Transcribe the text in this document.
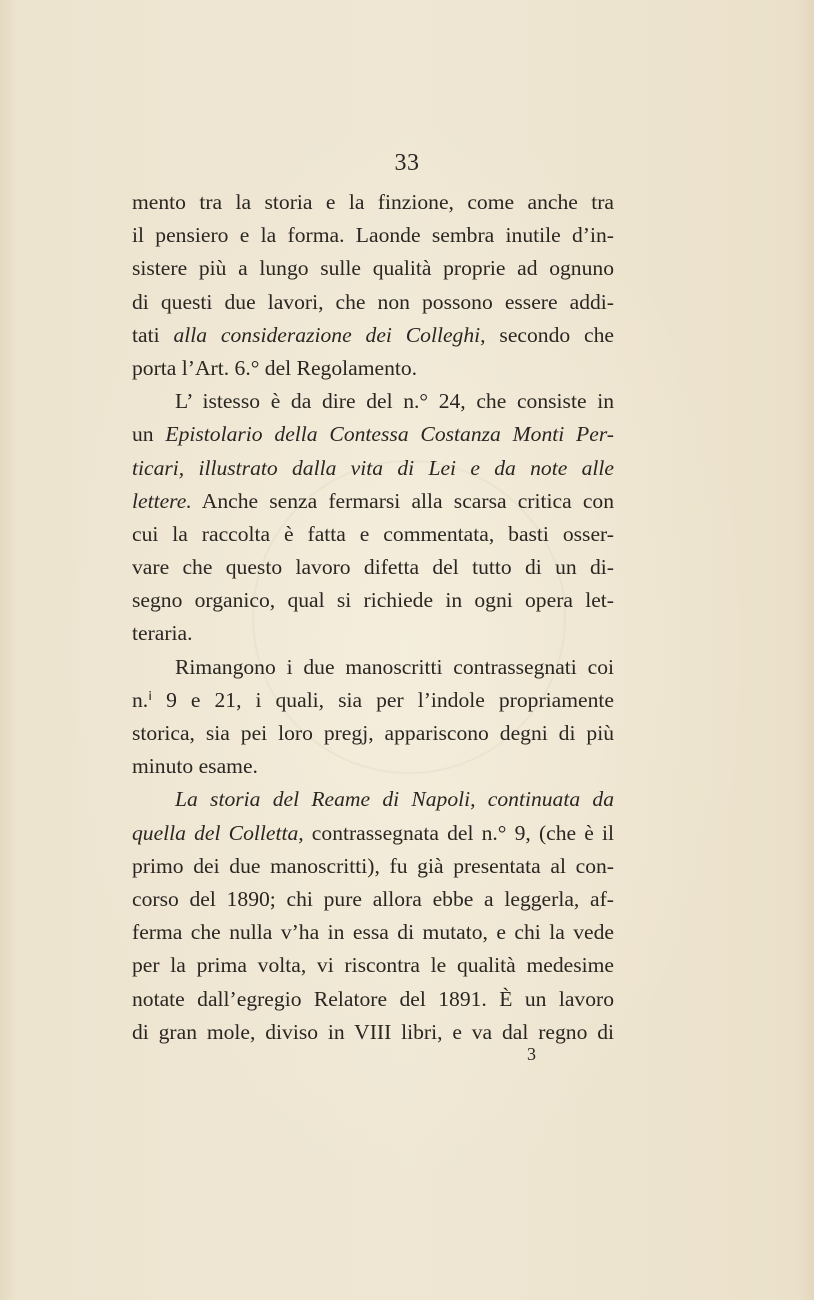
33
mento tra la storia e la finzione, come anche tra
il pensiero e la forma. Laonde sembra inutile d’in-
sistere più a lungo sulle qualità proprie ad ognuno
di questi due lavori, che non possono essere addi-
tati alla considerazione dei Colleghi, secondo che
porta l’Art. 6.° del Regolamento.
L’ istesso è da dire del n.° 24, che consiste in
un Epistolario della Contessa Costanza Monti Per-
ticari, illustrato dalla vita di Lei e da note alle
lettere. Anche senza fermarsi alla scarsa critica con
cui la raccolta è fatta e commentata, basti osser-
vare che questo lavoro difetta del tutto di un di-
segno organico, qual si richiede in ogni opera let-
teraria.
Rimangono i due manoscritti contrassegnati coi
n.ⁱ 9 e 21, i quali, sia per l’indole propriamente
storica, sia pei loro pregj, appariscono degni di più
minuto esame.
La storia del Reame di Napoli, continuata da
quella del Colletta, contrassegnata del n.° 9, (che è il
primo dei due manoscritti), fu già presentata al con-
corso del 1890; chi pure allora ebbe a leggerla, af-
ferma che nulla v’ha in essa di mutato, e chi la vede
per la prima volta, vi riscontra le qualità medesime
notate dall’egregio Relatore del 1891. È un lavoro
di gran mole, diviso in VIII libri, e va dal regno di
3
